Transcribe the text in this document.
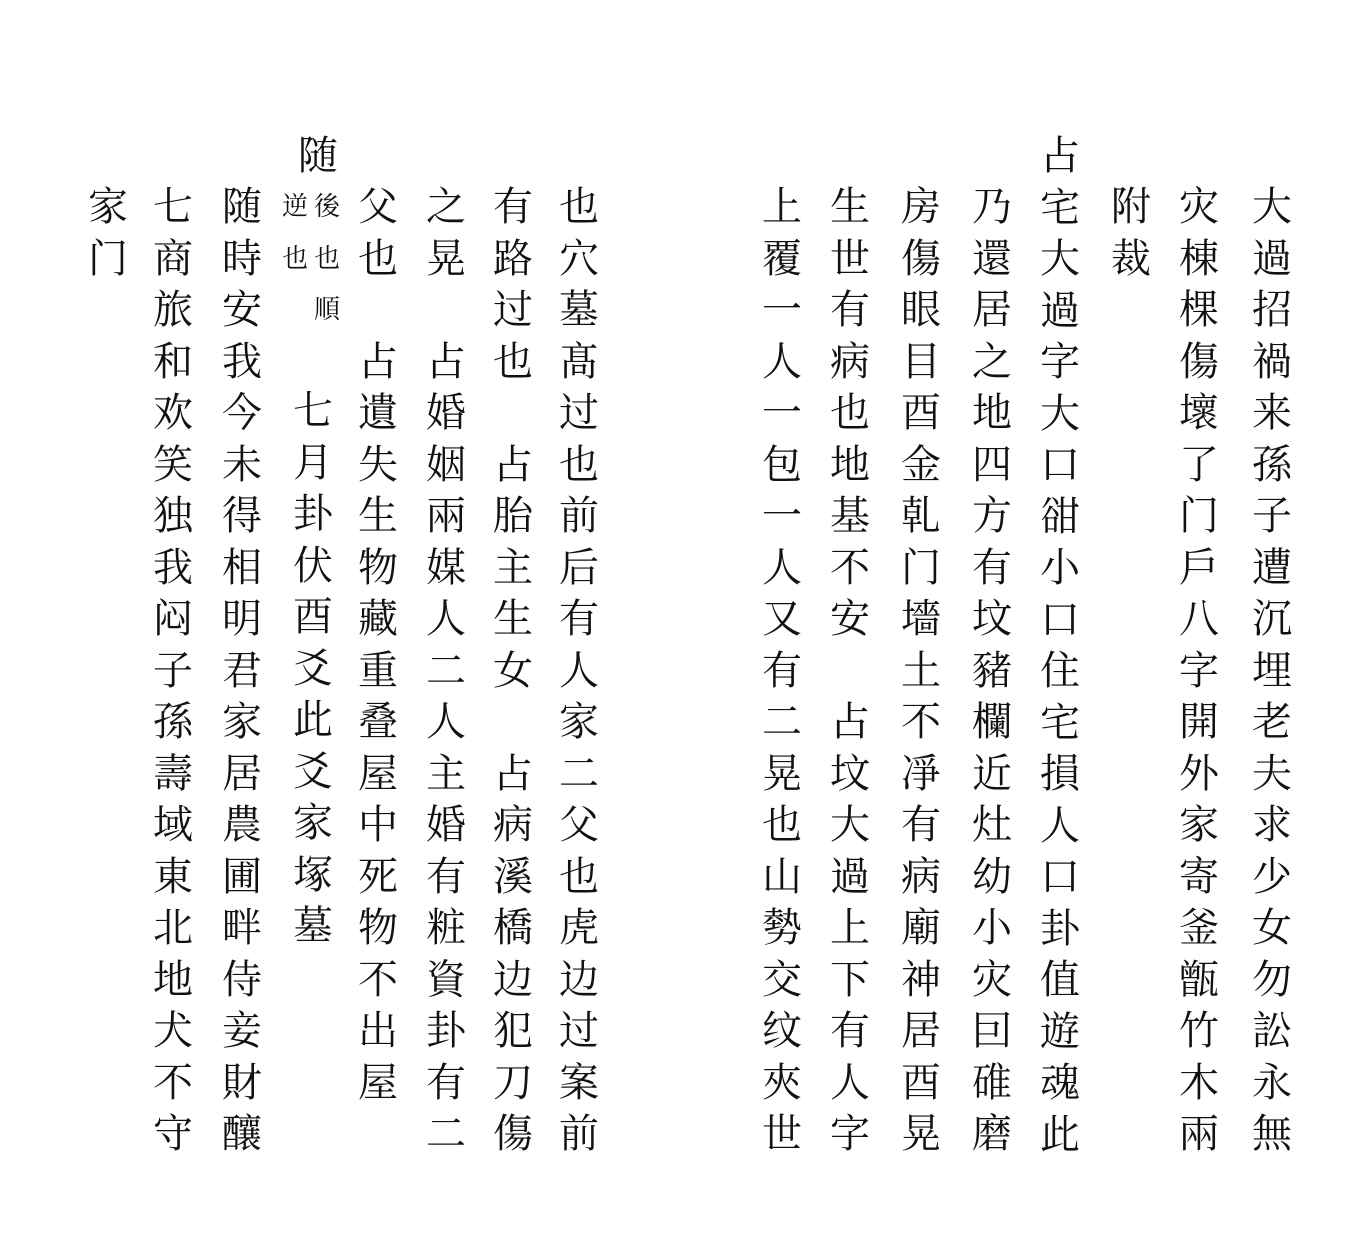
大
過
招
禍
来
孫
子
遭
沉
埋
老
夫
求
少
女
勿
訟
永
無
灾
棟
棵
傷
壞
了
门
戶
八
字
開
外
家
寄
釜
甑
竹
木
兩
附
裁
占
宅
大
過
字
大
口
𧮳
小
口
住
宅
損
人
口
卦
值
遊
魂
此
乃
還
居
之
地
四
方
有
坟
豬
欄
近
灶
幼
小
灾
囙
碓
磨
房
傷
眼
目
酉
金
乹
门
墻
土
不
凈
有
病
廟
神
居
酉
晃
生
世
有
病
也
地
基
不
安

占
坟
大
過
上
下
有
人
字
上
覆
一
人
一
包
一
人
又
有
二
晃
也
山
勢
交
纹
夾
世
也
穴
墓
髙
过
也
前
后
有
人
家
二
父
也
虎
边
过
案
前
有
路
过
也

占
胎
主
生
女

占
病
溪
橋
边
犯
刀
傷
之
晃

占
婚
姻
兩
媒
人
二
人
主
婚
有
粧
資
卦
有
二
父
也

占
遺
失
生
物
藏
重
叠
屋
中
死
物
不
出
屋
後
也
順
逆
也
七
月
卦
伏
酉
爻
此
爻
家
塚
墓
随
随
時
安
我
今
未
得
相
明
君
家
居
農
圃
畔
侍
妾
財
釀
七
商
旅
和
欢
笑
独
我
闷
子
孫
壽
域
東
北
地
犬
不
守
家
门
